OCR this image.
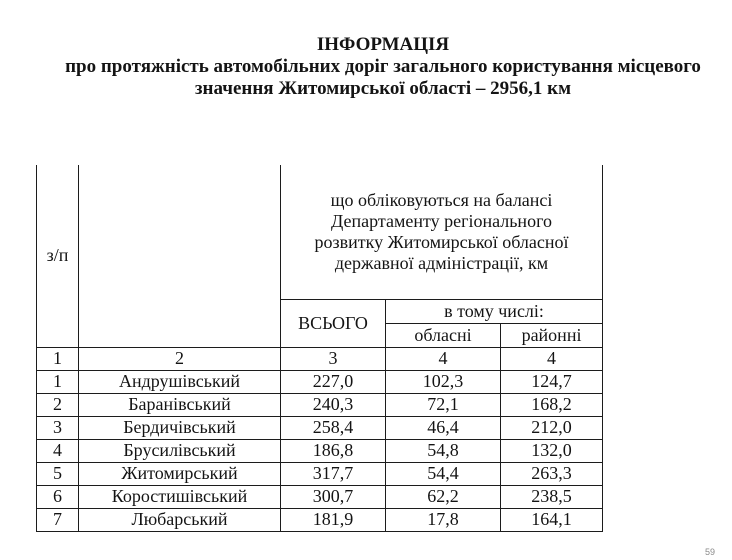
ІНФОРМАЦІЯ
про протяжність автомобільних доріг загального користування місцевого
значення Житомирської області – 2956,1 км
з/п		що обліковуються на балансі
Департаменту регіонального
розвитку Житомирської обласної
державної адміністрації, км		

		ВСЬОГО	в тому числі:	
			обласні	районні
1	2	3	4	4
1	Андрушівський	227,0	102,3	124,7
2	Баранівський	240,3	72,1	168,2
3	Бердичівський	258,4	46,4	212,0
4	Брусилівський	186,8	54,8	132,0
5	Житомирський	317,7	54,4	263,3
6	Коростишівський	300,7	62,2	238,5
7	Любарський	181,9	17,8	164,1
59
